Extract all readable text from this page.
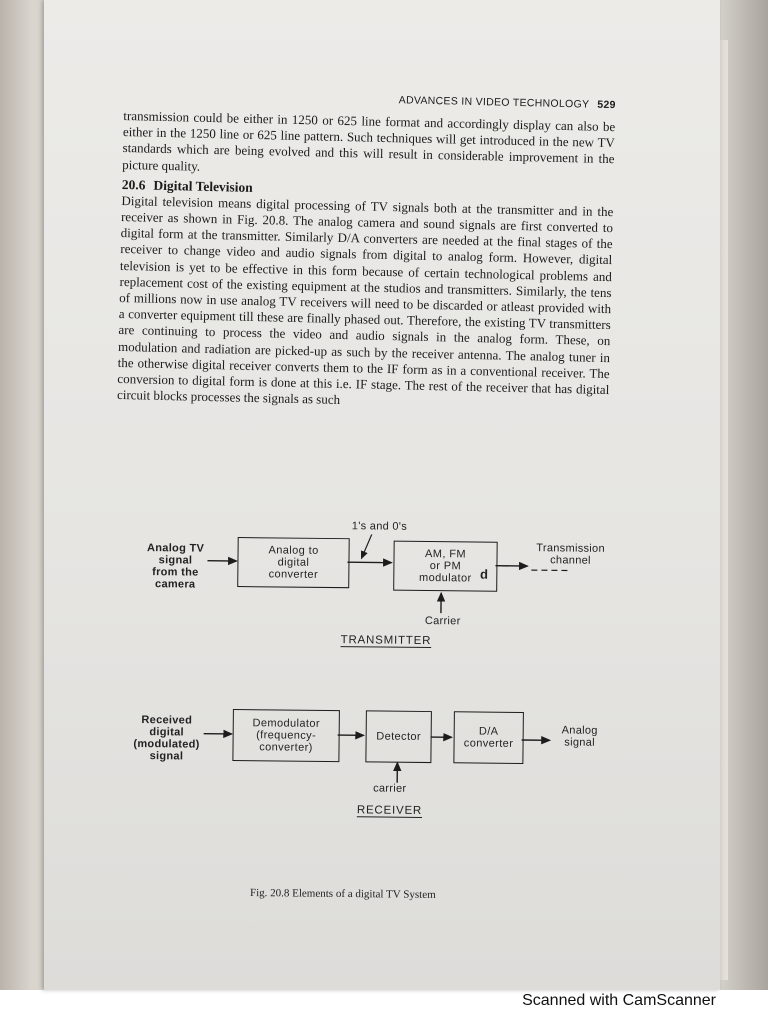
ADVANCES IN VIDEO TECHNOLOGY 529

transmission could be either in 1250 or 625 line format and accordingly display can also be either in the 1250 line or 625 line pattern. Such techniques will get introduced in the new TV standards which are being evolved and this will result in considerable improvement in the picture quality.

20.6 Digital Television

Digital television means digital processing of TV signals both at the transmitter and in the receiver as shown in Fig. 20.8. The analog camera and sound signals are first converted to digital form at the transmitter. Similarly D/A converters are needed at the final stages of the receiver to change video and audio signals from digital to analog form. However, digital television is yet to be effective in this form because of certain technological problems and replacement cost of the existing equipment at the studios and transmitters. Similarly, the tens of millions now in use analog TV receivers will need to be discarded or atleast provided with a converter equipment till these are finally phased out. Therefore, the existing TV transmitters are continuing to process the video and audio signals in the analog form. These, on modulation and radiation are picked-up as such by the receiver antenna. The analog tuner in the otherwise digital receiver converts them to the IF form as in a conventional receiver. The conversion to digital form is done at this i.e. IF stage. The rest of the receiver that has digital circuit blocks processes the signals as such

Analog TV
signal
from the
camera
Analog to
digital
converter
1's and 0's
AM, FM
or PM
modulator d
Transmission
channel
Carrier
TRANSMITTER
Received
digital
(modulated)
signal
Demodulator
(frequency-
converter)
Detector	D/A
converter
Analog
signal
carrier
RECEIVER
Fig. 20.8 Elements of a digital TV System
Scanned with CamScanner
